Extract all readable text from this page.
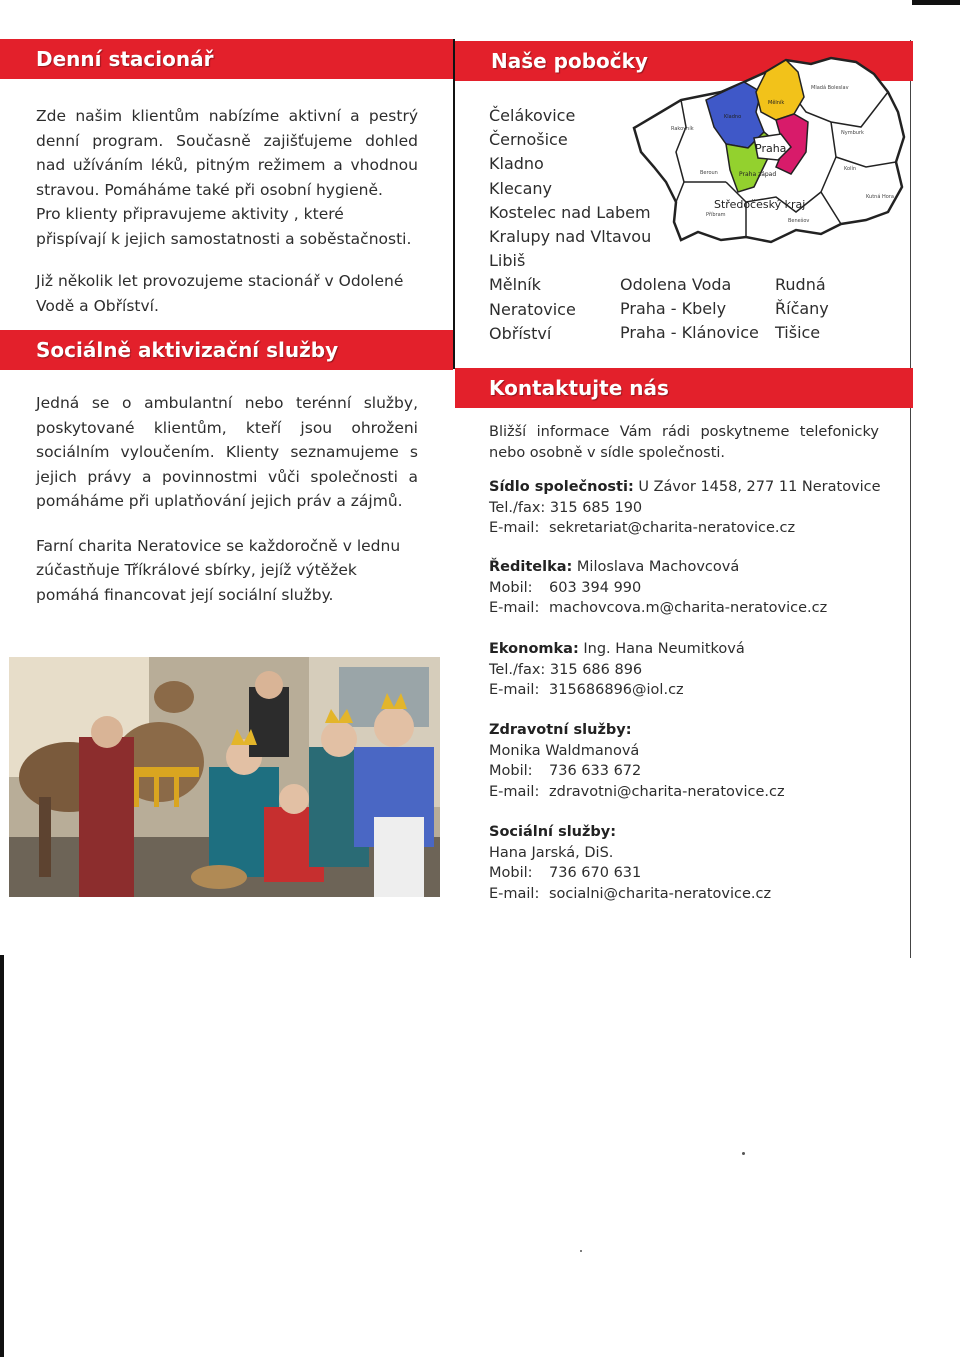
Denní stacionář

Zde našim klientům nabízíme aktivní a pestrý denní program. Současně zajišťujeme dohled nad užíváním léků, pitným režimem a vhodnou stravou. Pomáháme také při osobní hygieně.

Pro klienty připravujeme aktivity , které přispívají k jejich samostatnosti a soběstačnosti.

Již několik let provozujeme stacionář v Odolené Vodě a Obříství.

Sociálně aktivizační služby

Jedná se o ambulantní nebo terénní služby, poskytované klientům, kteří jsou ohroženi sociálním vyloučením. Klienty seznamujeme s jejich právy a povinnostmi vůči společnosti a pomáháme při uplatňování jejich práv a zájmů.

Farní charita Neratovice se každoročně v lednu zúčastňuje Tříkrálové sbírky, jejíž výtěžek pomáhá financovat její sociální služby.

Naše pobočky
Čelákovice
Černošice
Kladno
Klecany
Kostelec nad Labem
Kralupy nad Vltavou
Libiš
Mělník
Neratovice
Obříství
Odolena Voda
Praha - Kbely
Praha - Klánovice
Rudná
Říčany
Tišice
Praha
Praha západ
Středočeský kraj
Mladá Boleslav
Rakovník
Kladno
Mělník
Nymburk
Beroun
Kolín
Příbram
Kutná Hora
Benešov
Kontaktujte nás
Bližší informace Vám rádi poskytneme telefonicky nebo osobně v sídle společnosti.
Sídlo společnosti: U Závor 1458, 277 11 Neratovice
Tel./fax: 315 685 190
E-mail: sekretariat@charita-neratovice.cz
Ředitelka: Miloslava Machovcová
Mobil: 603 394 990
E-mail: machovcova.m@charita-neratovice.cz
Ekonomka: Ing. Hana Neumitková
Tel./fax: 315 686 896
E-mail: 315686896@iol.cz
Zdravotní služby:
Monika Waldmanová
Mobil: 736 633 672
E-mail: zdravotni@charita-neratovice.cz
Sociální služby:
Hana Jarská, DiS.
Mobil: 736 670 631
E-mail: socialni@charita-neratovice.cz
